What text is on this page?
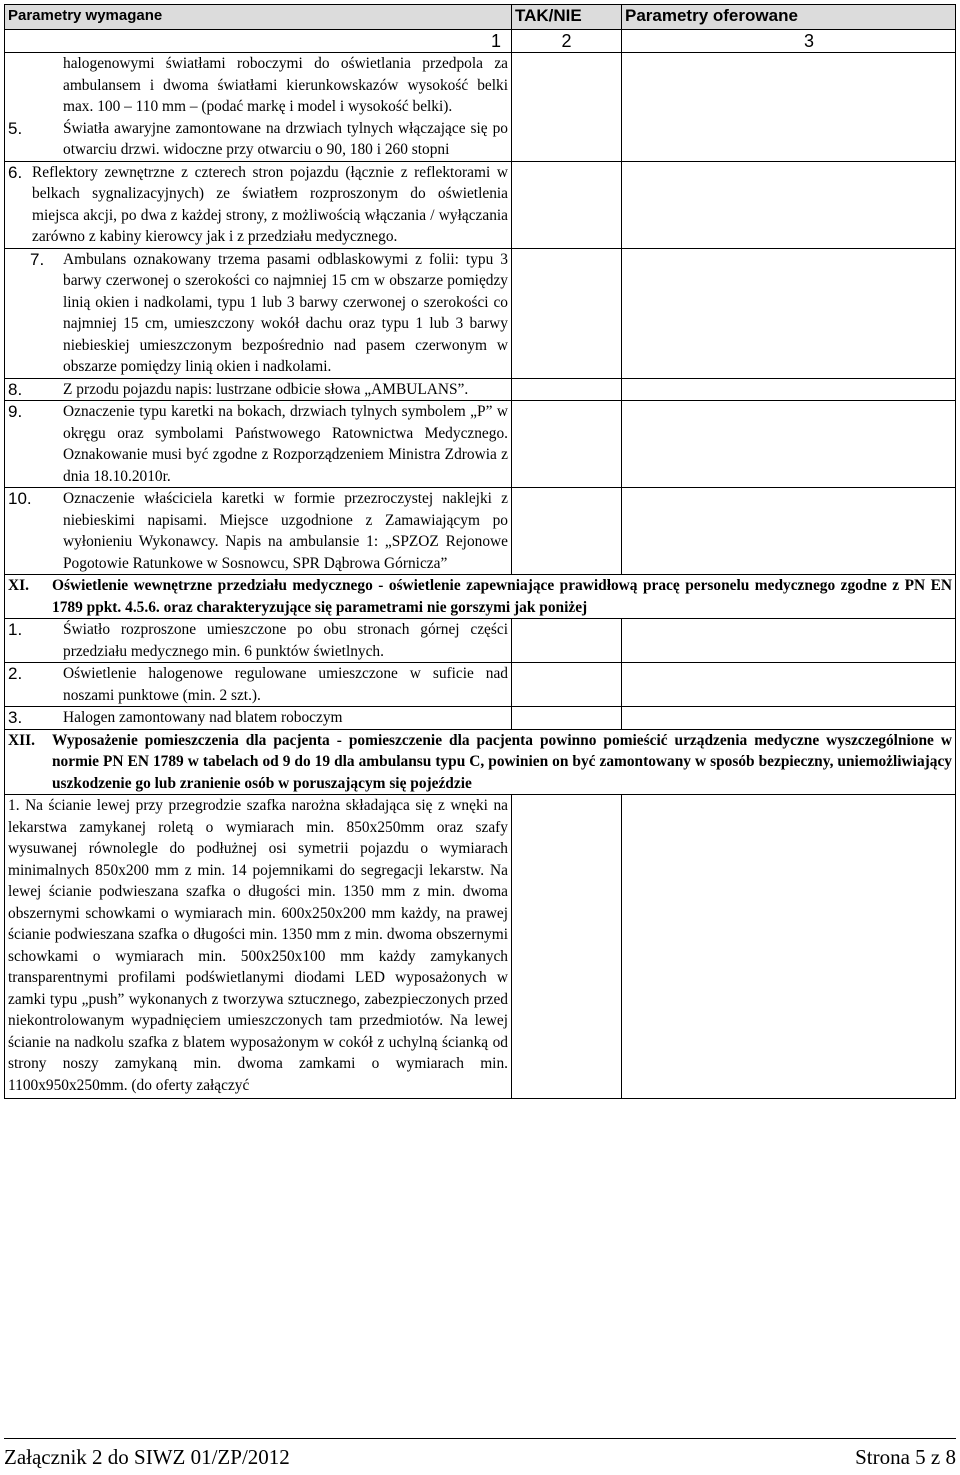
Parametry wymagane	TAK/NIE	Parametry oferowane
1	2	3

halogenowymi światłami roboczymi do oświetlania przedpola za ambulansem i dwoma światłami kierunkowskazów wysokość belki max. 100 – 110 mm – (podać markę i model i wysokość belki).
5. Światła awaryjne zamontowane na drzwiach tylnych włączające się po otwarciu drzwi. widoczne przy otwarciu o 90, 180 i 260 stopni		

6. Reflektory zewnętrzne z czterech stron pojazdu (łącznie z reflektorami w belkach sygnalizacyjnych) ze światłem rozproszonym do oświetlenia miejsca akcji, po dwa z każdej strony, z możliwością włączania / wyłączania zarówno z kabiny kierowcy jak i z przedziału medycznego.		

7. Ambulans oznakowany trzema pasami odblaskowymi z folii: typu 3 barwy czerwonej o szerokości co najmniej 15 cm w obszarze pomiędzy linią okien i nadkolami, typu 1 lub 3 barwy czerwonej o szerokości co najmniej 15 cm, umieszczony wokół dachu oraz typu 1 lub 3 barwy niebieskiej umieszczonym bezpośrednio nad pasem czerwonym w obszarze pomiędzy linią okien i nadkolami.		

8. Z przodu pojazdu napis: lustrzane odbicie słowa „AMBULANS”.		

9. Oznaczenie typu karetki na bokach, drzwiach tylnych symbolem „P” w okręgu oraz symbolami Państwowego Ratownictwa Medycznego. Oznakowanie musi być zgodne z Rozporządzeniem Ministra Zdrowia z dnia 18.10.2010r.		

10. Oznaczenie właściciela karetki w formie przezroczystej naklejki z niebieskimi napisami. Miejsce uzgodnione z Zamawiającym po wyłonieniu Wykonawcy. Napis na ambulansie 1: „SPZOZ Rejonowe Pogotowie Ratunkowe w Sosnowcu, SPR Dąbrowa Górnicza”		

XI. Oświetlenie wewnętrzne przedziału medycznego - oświetlenie zapewniające prawidłową pracę personelu medycznego zgodne z PN EN 1789 ppkt. 4.5.6. oraz charakteryzujące się parametrami nie gorszymi jak poniżej		

1. Światło rozproszone umieszczone po obu stronach górnej części przedziału medycznego min. 6 punktów świetlnych.		

2. Oświetlenie halogenowe regulowane umieszczone w suficie nad noszami punktowe (min. 2 szt.).		

3. Halogen zamontowany nad blatem roboczym		

XII. Wyposażenie pomieszczenia dla pacjenta - pomieszczenie dla pacjenta powinno pomieścić urządzenia medyczne wyszczególnione w normie PN EN 1789 w tabelach od 9 do 19 dla ambulansu typu C, powinien on być zamontowany w sposób bezpieczny, uniemożliwiający uszkodzenie go lub zranienie osób w poruszającym się pojeździe		

1. Na ścianie lewej przy przegrodzie szafka narożna składająca się z wnęki na lekarstwa zamykanej roletą o wymiarach min. 850x250mm oraz szafy wysuwanej równolegle do podłużnej osi symetrii pojazdu o wymiarach minimalnych 850x200 mm z min. 14 pojemnikami do segregacji lekarstw. Na lewej ścianie podwieszana szafka o długości min. 1350 mm z min. dwoma obszernymi schowkami o wymiarach min. 600x250x200 mm każdy, na prawej ścianie podwieszana szafka o długości min. 1350 mm z min. dwoma obszernymi schowkami o wymiarach min. 500x250x100 mm każdy zamykanych transparentnymi profilami podświetlanymi diodami LED wyposażonych w zamki typu „push” wykonanych z tworzywa sztucznego, zabezpieczonych przed niekontrolowanym wypadnięciem umieszczonych tam przedmiotów. Na lewej ścianie na nadkolu szafka z blatem wyposażonym w cokół z uchylną ścianką od strony noszy zamykaną min. dwoma zamkami o wymiarach min. 1100x950x250mm. (do oferty załączyć		

Załącznik 2 do SIWZ 01/ZP/2012	Strona 5 z 8
